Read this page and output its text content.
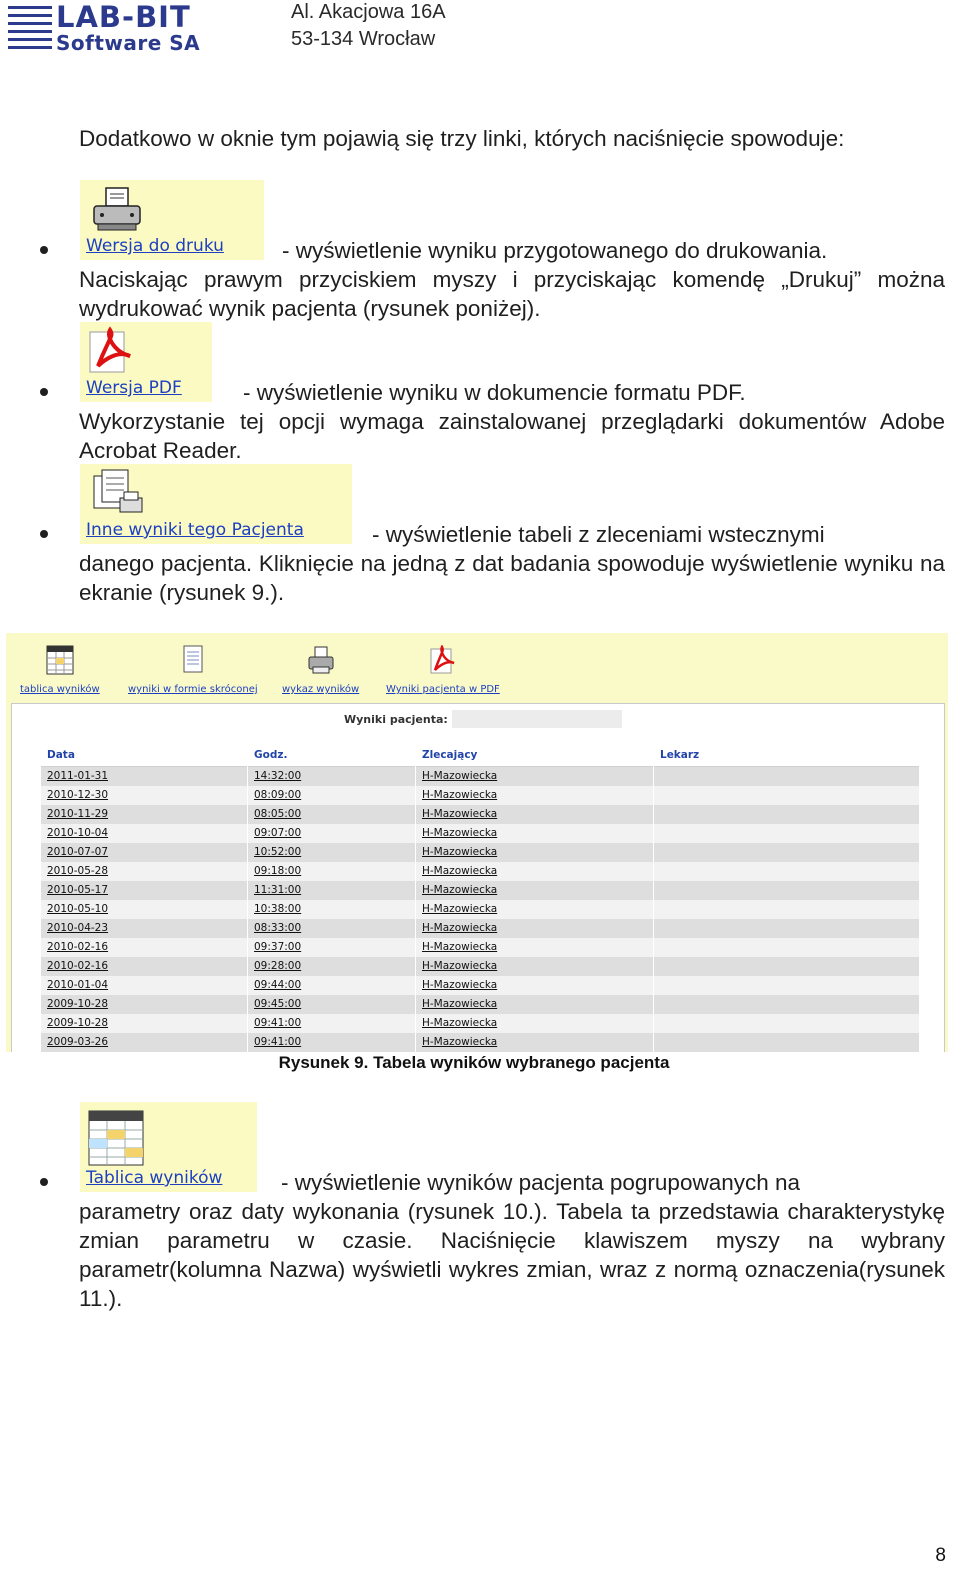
LAB-BIT
Software SA
Al. Akacjowa 16A
53-134 Wrocław
Dodatkowo w oknie tym pojawią się trzy linki, których naciśnięcie spowoduje:
Wersja do druku	- wyświetlenie wyniku przygotowanego do drukowania.
Naciskając prawym przyciskiem myszy i przyciskając komendę „Drukuj” można wydrukować wynik pacjenta (rysunek poniżej).
Wersja PDF	- wyświetlenie wyniku w dokumencie formatu PDF.
Wykorzystanie tej opcji wymaga zainstalowanej przeglądarki dokumentów Adobe Acrobat Reader.
Inne wyniki tego Pacjenta	- wyświetlenie tabeli z zleceniami wstecznymi
danego pacjenta. Kliknięcie na jedną z dat badania spowoduje wyświetlenie wyniku na ekranie (rysunek 9.).
tablica wyników	wyniki w formie skróconej wykaz wyników	Wyniki pacjenta w PDF
Wyniki pacjenta:
Data	Godz.	Zlecający	Lekarz
2011-01-31	14:32:00	H-Mazowiecka
2010-12-30	08:09:00	H-Mazowiecka
2010-11-29	08:05:00	H-Mazowiecka
2010-10-04	09:07:00	H-Mazowiecka
2010-07-07	10:52:00	H-Mazowiecka
2010-05-28	09:18:00	H-Mazowiecka
2010-05-17	11:31:00	H-Mazowiecka
2010-05-10	10:38:00	H-Mazowiecka
2010-04-23	08:33:00	H-Mazowiecka
2010-02-16	09:37:00	H-Mazowiecka
2010-02-16	09:28:00	H-Mazowiecka
2010-01-04	09:44:00	H-Mazowiecka
2009-10-28	09:45:00	H-Mazowiecka
2009-10-28	09:41:00	H-Mazowiecka
2009-03-26	09:41:00	H-Mazowiecka
Rysunek 9. Tabela wyników wybranego pacjenta
Tablica wyników	- wyświetlenie wyników pacjenta pogrupowanych na
parametry oraz daty wykonania (rysunek 10.). Tabela ta przedstawia charakterystykę zmian parametru w czasie. Naciśnięcie klawiszem myszy na wybrany parametr(kolumna Nazwa) wyświetli wykres zmian, wraz z normą oznaczenia(rysunek 11.).
8
